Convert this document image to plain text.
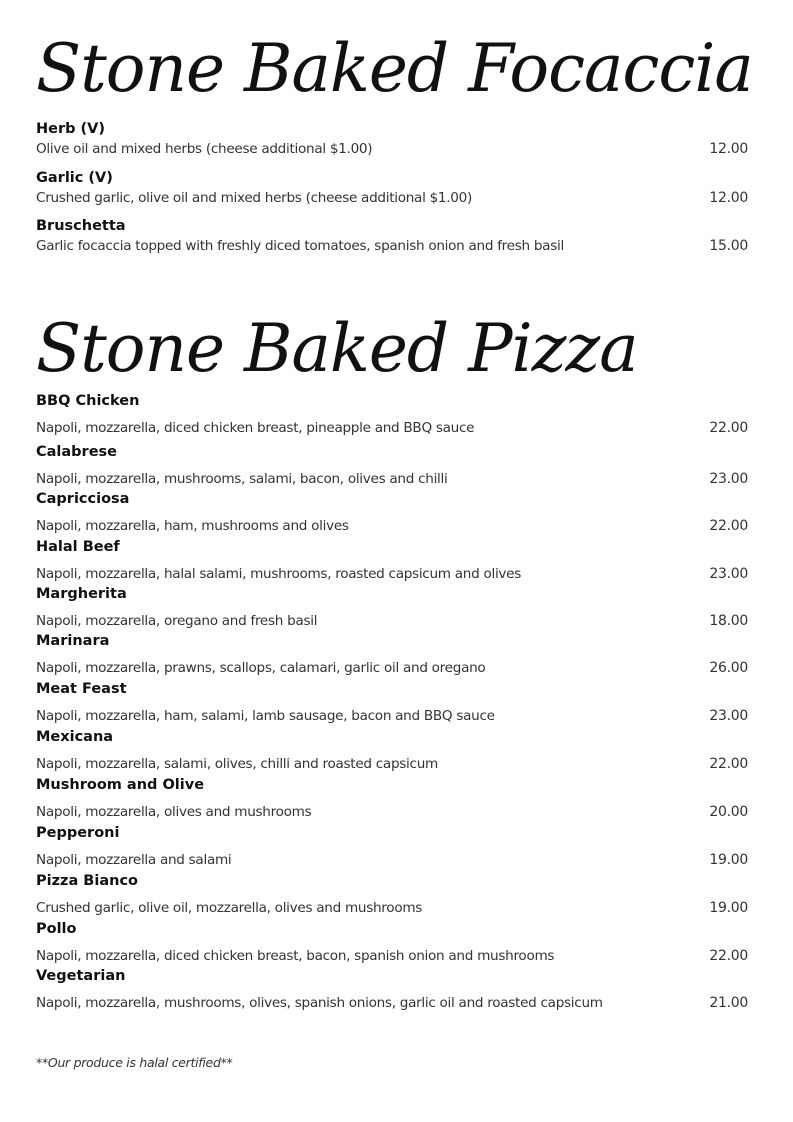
Stone Baked Focaccia
Herb (V)
Olive oil and mixed herbs (cheese additional $1.00)	12.00
Garlic (V)
Crushed garlic, olive oil and mixed herbs (cheese additional $1.00)	12.00
Bruschetta
Garlic focaccia topped with freshly diced tomatoes, spanish onion and fresh basil	15.00
Stone Baked Pizza
BBQ Chicken
Napoli, mozzarella, diced chicken breast, pineapple and BBQ sauce	22.00
Calabrese
Napoli, mozzarella, mushrooms, salami, bacon, olives and chilli	23.00
Capricciosa
Napoli, mozzarella, ham, mushrooms and olives	22.00
Halal Beef
Napoli, mozzarella, halal salami, mushrooms, roasted capsicum and olives	23.00
Margherita
Napoli, mozzarella, oregano and fresh basil	18.00
Marinara
Napoli, mozzarella, prawns, scallops, calamari, garlic oil and oregano	26.00
Meat Feast
Napoli, mozzarella, ham, salami, lamb sausage, bacon and BBQ sauce	23.00
Mexicana
Napoli, mozzarella, salami, olives, chilli and roasted capsicum	22.00
Mushroom and Olive
Napoli, mozzarella, olives and mushrooms	20.00
Pepperoni
Napoli, mozzarella and salami	19.00
Pizza Bianco
Crushed garlic, olive oil, mozzarella, olives and mushrooms	19.00
Pollo
Napoli, mozzarella, diced chicken breast, bacon, spanish onion and mushrooms	22.00
Vegetarian
Napoli, mozzarella, mushrooms, olives, spanish onions, garlic oil and roasted capsicum	21.00
**Our produce is halal certified**
